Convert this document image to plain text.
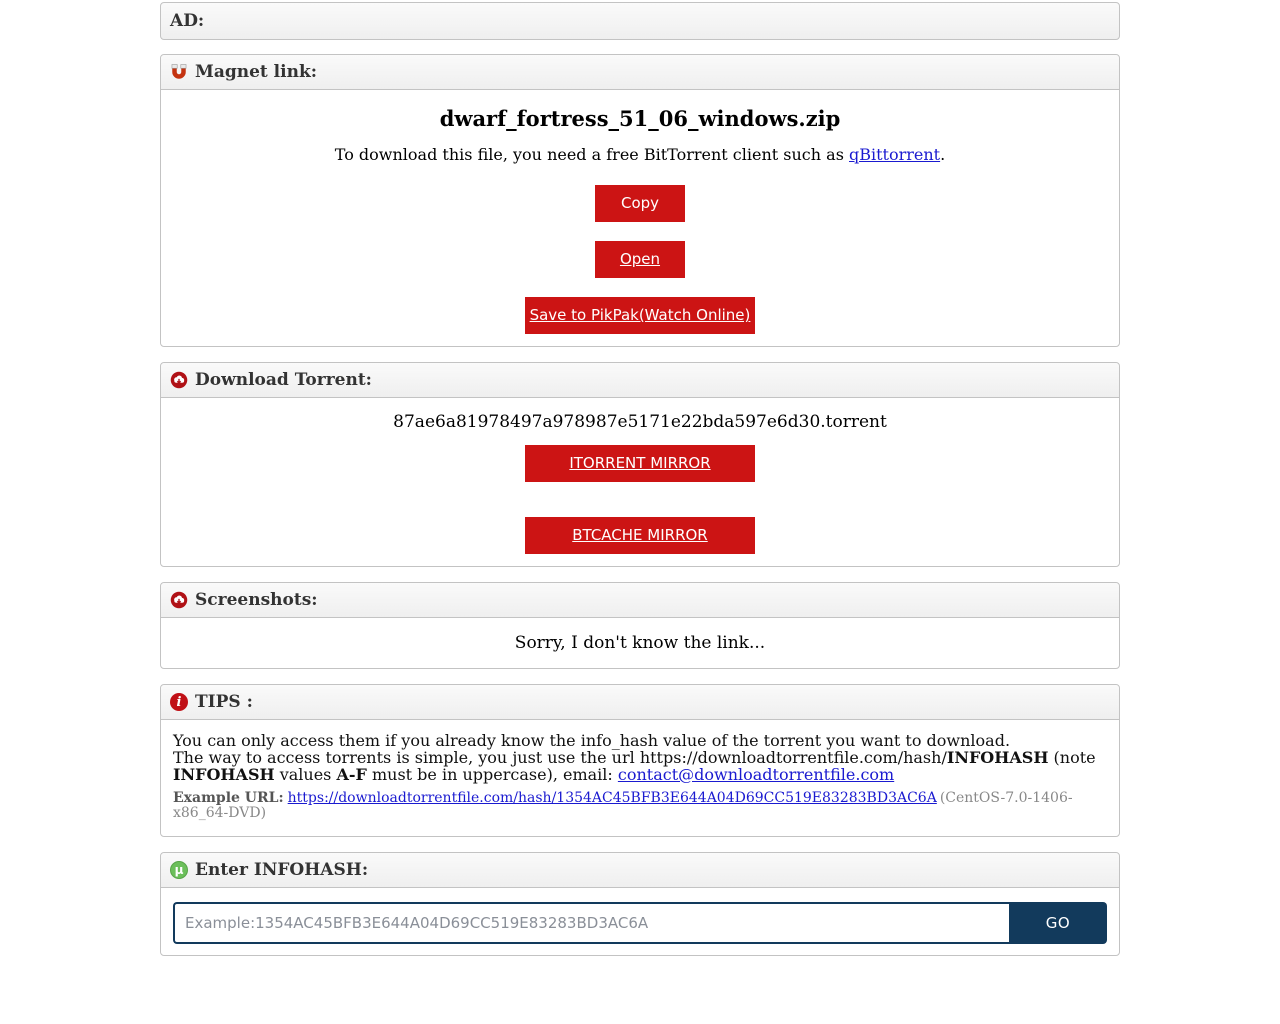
AD:
Magnet link:
dwarf_fortress_51_06_windows.zip

To download this file, you need a free BitTorrent client such as qBittorrent.

Copy

Open

Save to PikPak(Watch Online)

Download Torrent:

87ae6a81978497a978987e5171e22bda597e6d30.torrent

ITORRENT MIRROR

BTCACHE MIRROR

Screenshots:

Sorry, I don't know the link...

i TIPS :

You can only access them if you already know the info_hash value of the torrent you want to download.

The way to access torrents is simple, you just use the url https://downloadtorrentfile.com/hash/INFOHASH (note INFOHASH values A-F must be in uppercase), email: contact@downloadtorrentfile.com

Example URL: https://downloadtorrentfile.com/hash/1354AC45BFB3E644A04D69CC519E83283BD3AC6A (CentOS-7.0-1406-x86_64-DVD)

µ Enter INFOHASH:
Example:1354AC45BFB3E644A04D69CC519E83283BD3AC6A
GO
